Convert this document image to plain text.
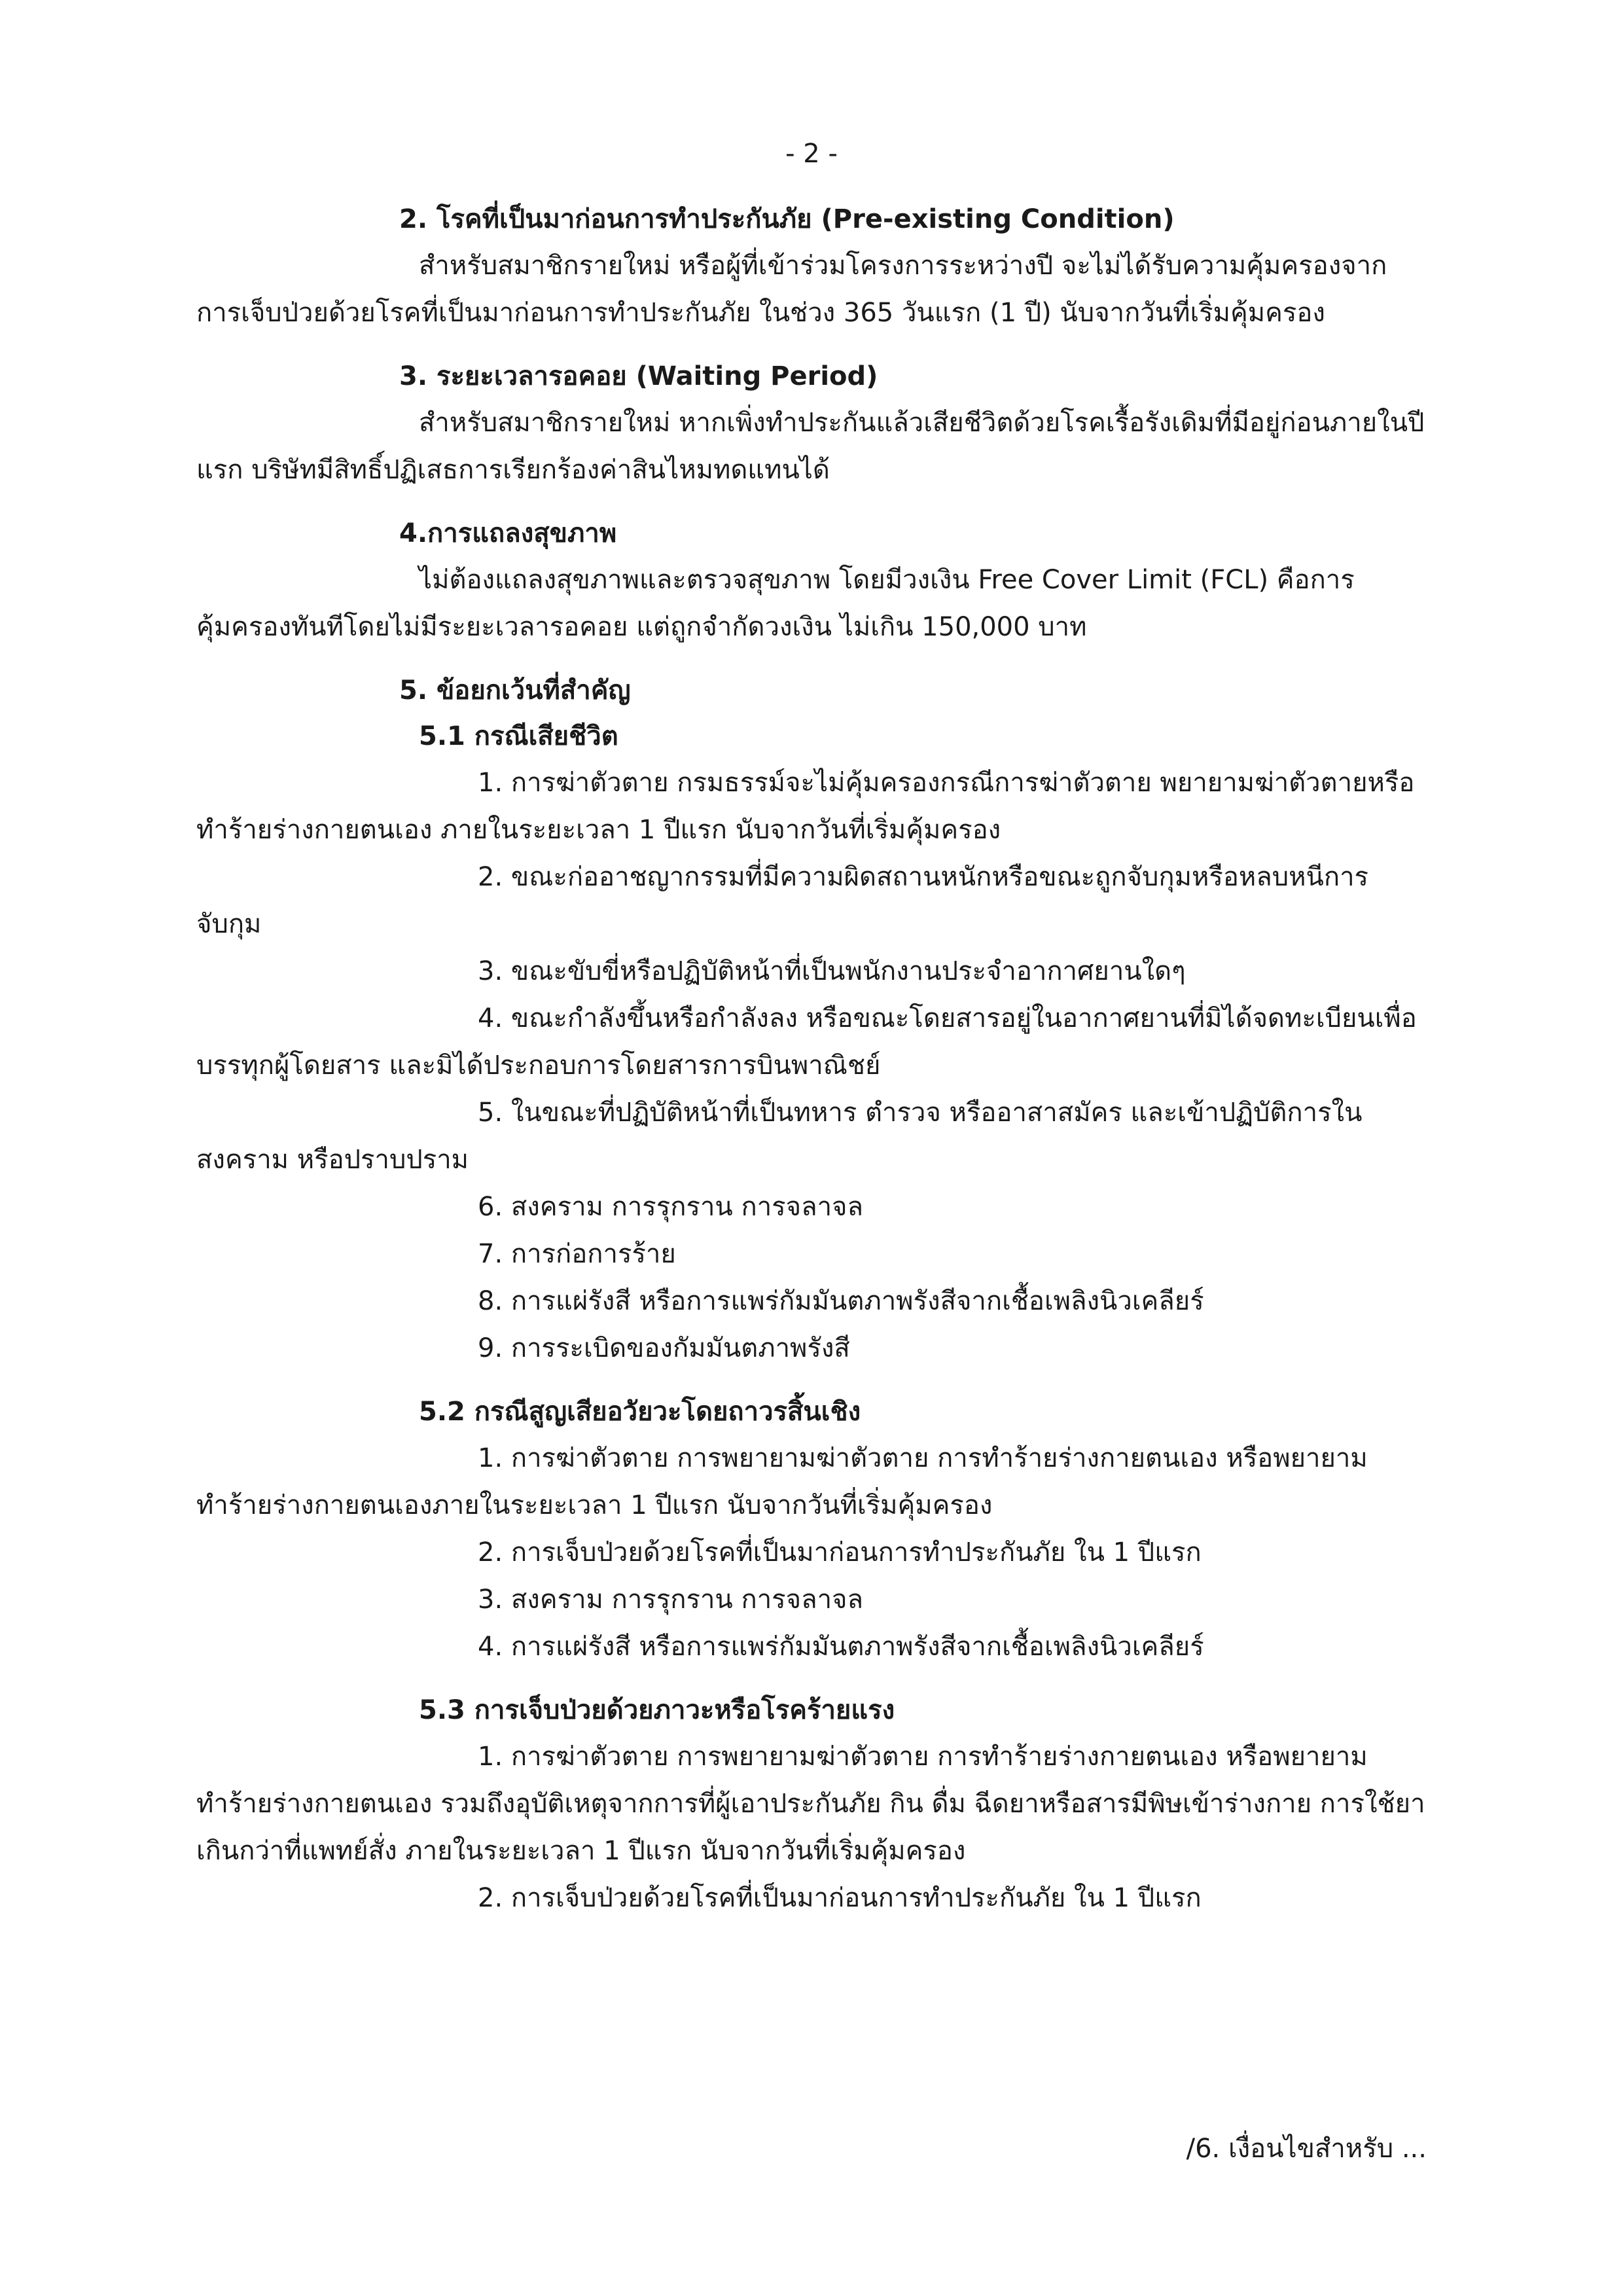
- 2 -
2. โรคที่เป็นมาก่อนการทำประกันภัย (Pre-existing Condition)

สำหรับสมาชิกรายใหม่ หรือผู้ที่เข้าร่วมโครงการระหว่างปี จะไม่ได้รับความคุ้มครองจากการเจ็บป่วยด้วยโรคที่เป็นมาก่อนการทำประกันภัย ในช่วง 365 วันแรก (1 ปี) นับจากวันที่เริ่มคุ้มครอง

3. ระยะเวลารอคอย (Waiting Period)

สำหรับสมาชิกรายใหม่ หากเพิ่งทำประกันแล้วเสียชีวิตด้วยโรคเรื้อรังเดิมที่มีอยู่ก่อนภายในปีแรก บริษัทมีสิทธิ์ปฏิเสธการเรียกร้องค่าสินไหมทดแทนได้

4.การแถลงสุขภาพ

ไม่ต้องแถลงสุขภาพและตรวจสุขภาพ โดยมีวงเงิน Free Cover Limit (FCL) คือการคุ้มครองทันทีโดยไม่มีระยะเวลารอคอย แต่ถูกจำกัดวงเงิน ไม่เกิน 150,000 บาท

5. ข้อยกเว้นที่สำคัญ
5.1 กรณีเสียชีวิต

1. การฆ่าตัวตาย กรมธรรม์จะไม่คุ้มครองกรณีการฆ่าตัวตาย พยายามฆ่าตัวตายหรือทำร้ายร่างกายตนเอง ภายในระยะเวลา 1 ปีแรก นับจากวันที่เริ่มคุ้มครอง

2. ขณะก่ออาชญากรรมที่มีความผิดสถานหนักหรือขณะถูกจับกุมหรือหลบหนีการจับกุม

3. ขณะขับขี่หรือปฏิบัติหน้าที่เป็นพนักงานประจำอากาศยานใดๆ

4. ขณะกำลังขึ้นหรือกำลังลง หรือขณะโดยสารอยู่ในอากาศยานที่มิได้จดทะเบียนเพื่อบรรทุกผู้โดยสาร และมิได้ประกอบการโดยสารการบินพาณิชย์

5. ในขณะที่ปฏิบัติหน้าที่เป็นทหาร ตำรวจ หรืออาสาสมัคร และเข้าปฏิบัติการในสงคราม หรือปราบปราม

6. สงคราม การรุกราน การจลาจล

7. การก่อการร้าย

8. การแผ่รังสี หรือการแพร่กัมมันตภาพรังสีจากเชื้อเพลิงนิวเคลียร์

9. การระเบิดของกัมมันตภาพรังสี

5.2 กรณีสูญเสียอวัยวะโดยถาวรสิ้นเชิง

1. การฆ่าตัวตาย การพยายามฆ่าตัวตาย การทำร้ายร่างกายตนเอง หรือพยายามทำร้ายร่างกายตนเองภายในระยะเวลา 1 ปีแรก นับจากวันที่เริ่มคุ้มครอง

2. การเจ็บป่วยด้วยโรคที่เป็นมาก่อนการทำประกันภัย ใน 1 ปีแรก

3. สงคราม การรุกราน การจลาจล

4. การแผ่รังสี หรือการแพร่กัมมันตภาพรังสีจากเชื้อเพลิงนิวเคลียร์

5.3 การเจ็บป่วยด้วยภาวะหรือโรคร้ายแรง

1. การฆ่าตัวตาย การพยายามฆ่าตัวตาย การทำร้ายร่างกายตนเอง หรือพยายามทำร้ายร่างกายตนเอง รวมถึงอุบัติเหตุจากการที่ผู้เอาประกันภัย กิน ดื่ม ฉีดยาหรือสารมีพิษเข้าร่างกาย การใช้ยาเกินกว่าที่แพทย์สั่ง ภายในระยะเวลา 1 ปีแรก นับจากวันที่เริ่มคุ้มครอง

2. การเจ็บป่วยด้วยโรคที่เป็นมาก่อนการทำประกันภัย ใน 1 ปีแรก

/6. เงื่อนไขสำหรับ ...
